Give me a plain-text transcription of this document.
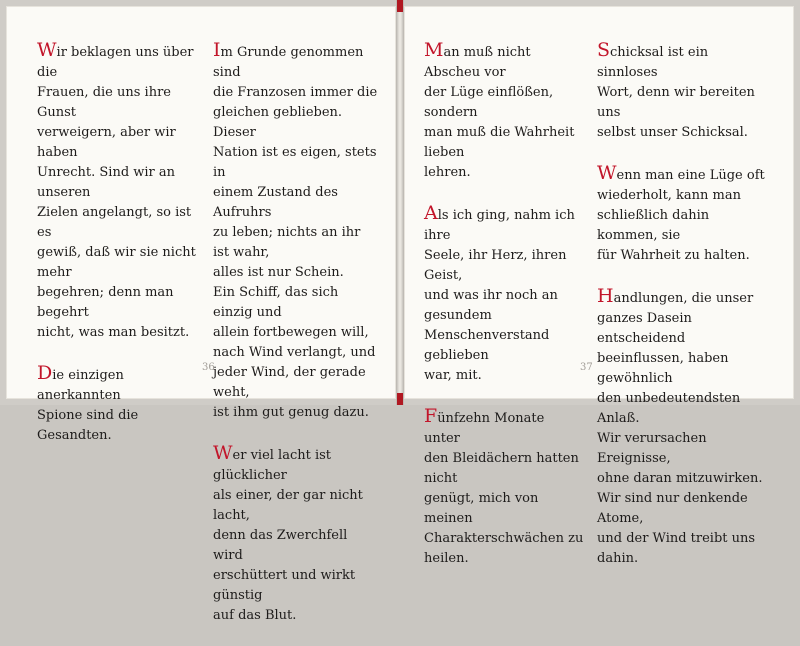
Wir beklagen uns über die
Frauen, die uns ihre Gunst
verweigern, aber wir haben
Unrecht. Sind wir an unseren
Zielen angelangt, so ist es
gewiß, daß wir sie nicht mehr
begehren; denn man begehrt
nicht, was man besitzt.

Die einzigen anerkannten
Spione sind die Gesandten.

Im Grunde genommen sind
die Franzosen immer die
gleichen geblieben. Dieser
Nation ist es eigen, stets in
einem Zustand des Aufruhrs
zu leben; nichts an ihr ist wahr,
alles ist nur Schein.
Ein Schiff, das sich einzig und
allein fortbewegen will,
nach Wind verlangt, und
jeder Wind, der gerade weht,
ist ihm gut genug dazu.

Wer viel lacht ist glücklicher
als einer, der gar nicht lacht,
denn das Zwerchfell wird
erschüttert und wirkt günstig
auf das Blut.

36

Man muß nicht Abscheu vor
der Lüge einflößen, sondern
man muß die Wahrheit lieben
lehren.

Als ich ging, nahm ich ihre
Seele, ihr Herz, ihren Geist,
und was ihr noch an gesundem
Menschenverstand geblieben
war, mit.

Fünfzehn Monate unter
den Bleidächern hatten nicht
genügt, mich von meinen
Charakterschwächen zu heilen.

Schicksal ist ein sinnloses
Wort, denn wir bereiten uns
selbst unser Schicksal.

Wenn man eine Lüge oft
wiederholt, kann man
schließlich dahin kommen, sie
für Wahrheit zu halten.

Handlungen, die unser
ganzes Dasein entscheidend
beeinflussen, haben gewöhnlich
den unbedeutendsten Anlaß.
Wir verursachen Ereignisse,
ohne daran mitzuwirken.
Wir sind nur denkende Atome,
und der Wind treibt uns dahin.

37
